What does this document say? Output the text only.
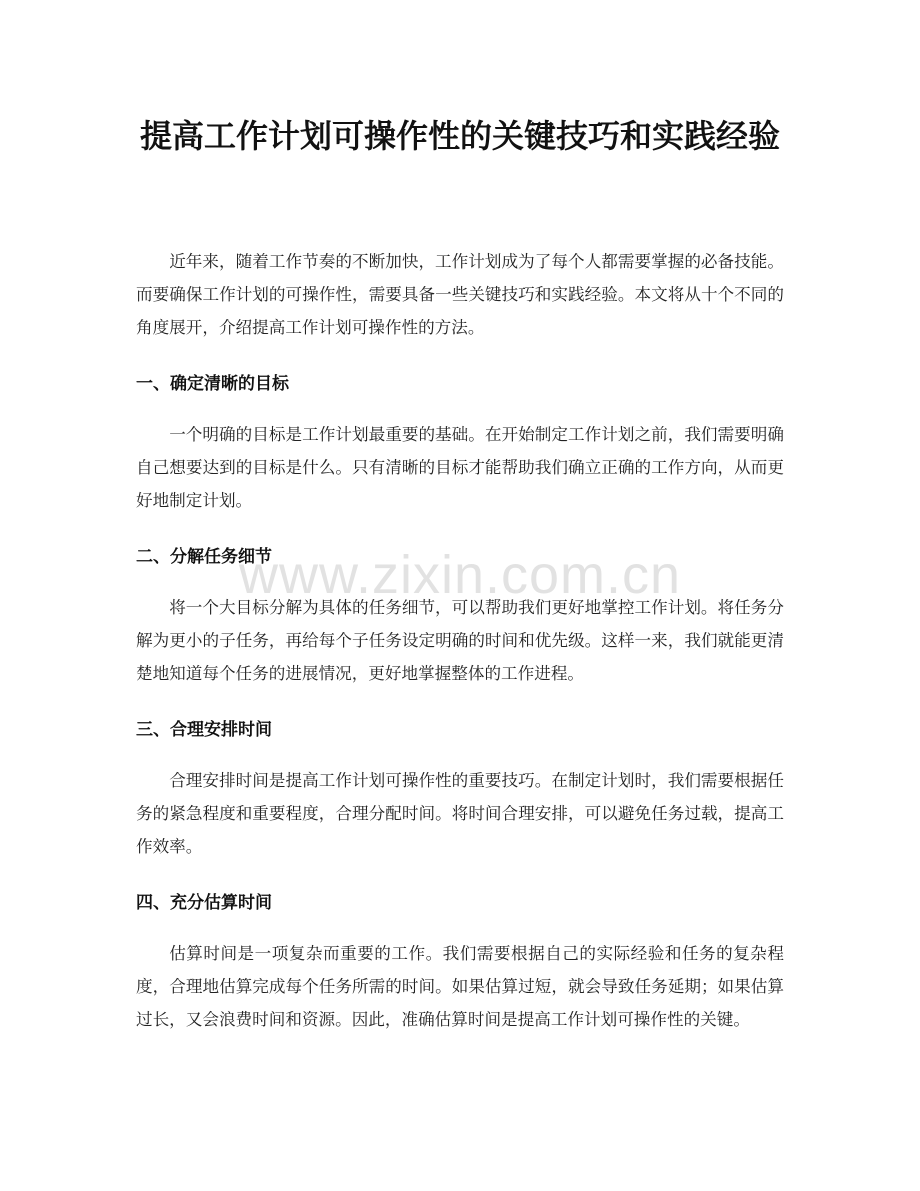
提高工作计划可操作性的关键技巧和实践经验

近年来，随着工作节奏的不断加快，工作计划成为了每个人都需要掌握的必备技能。而要确保工作计划的可操作性，需要具备一些关键技巧和实践经验。本文将从十个不同的角度展开，介绍提高工作计划可操作性的方法。

一、确定清晰的目标

一个明确的目标是工作计划最重要的基础。在开始制定工作计划之前，我们需要明确自己想要达到的目标是什么。只有清晰的目标才能帮助我们确立正确的工作方向，从而更好地制定计划。

二、分解任务细节

将一个大目标分解为具体的任务细节，可以帮助我们更好地掌控工作计划。将任务分解为更小的子任务，再给每个子任务设定明确的时间和优先级。这样一来，我们就能更清楚地知道每个任务的进展情况，更好地掌握整体的工作进程。

三、合理安排时间

合理安排时间是提高工作计划可操作性的重要技巧。在制定计划时，我们需要根据任务的紧急程度和重要程度，合理分配时间。将时间合理安排，可以避免任务过载，提高工作效率。

四、充分估算时间

估算时间是一项复杂而重要的工作。我们需要根据自己的实际经验和任务的复杂程度，合理地估算完成每个任务所需的时间。如果估算过短，就会导致任务延期；如果估算过长，又会浪费时间和资源。因此，准确估算时间是提高工作计划可操作性的关键。

www.zixin.com.cn
